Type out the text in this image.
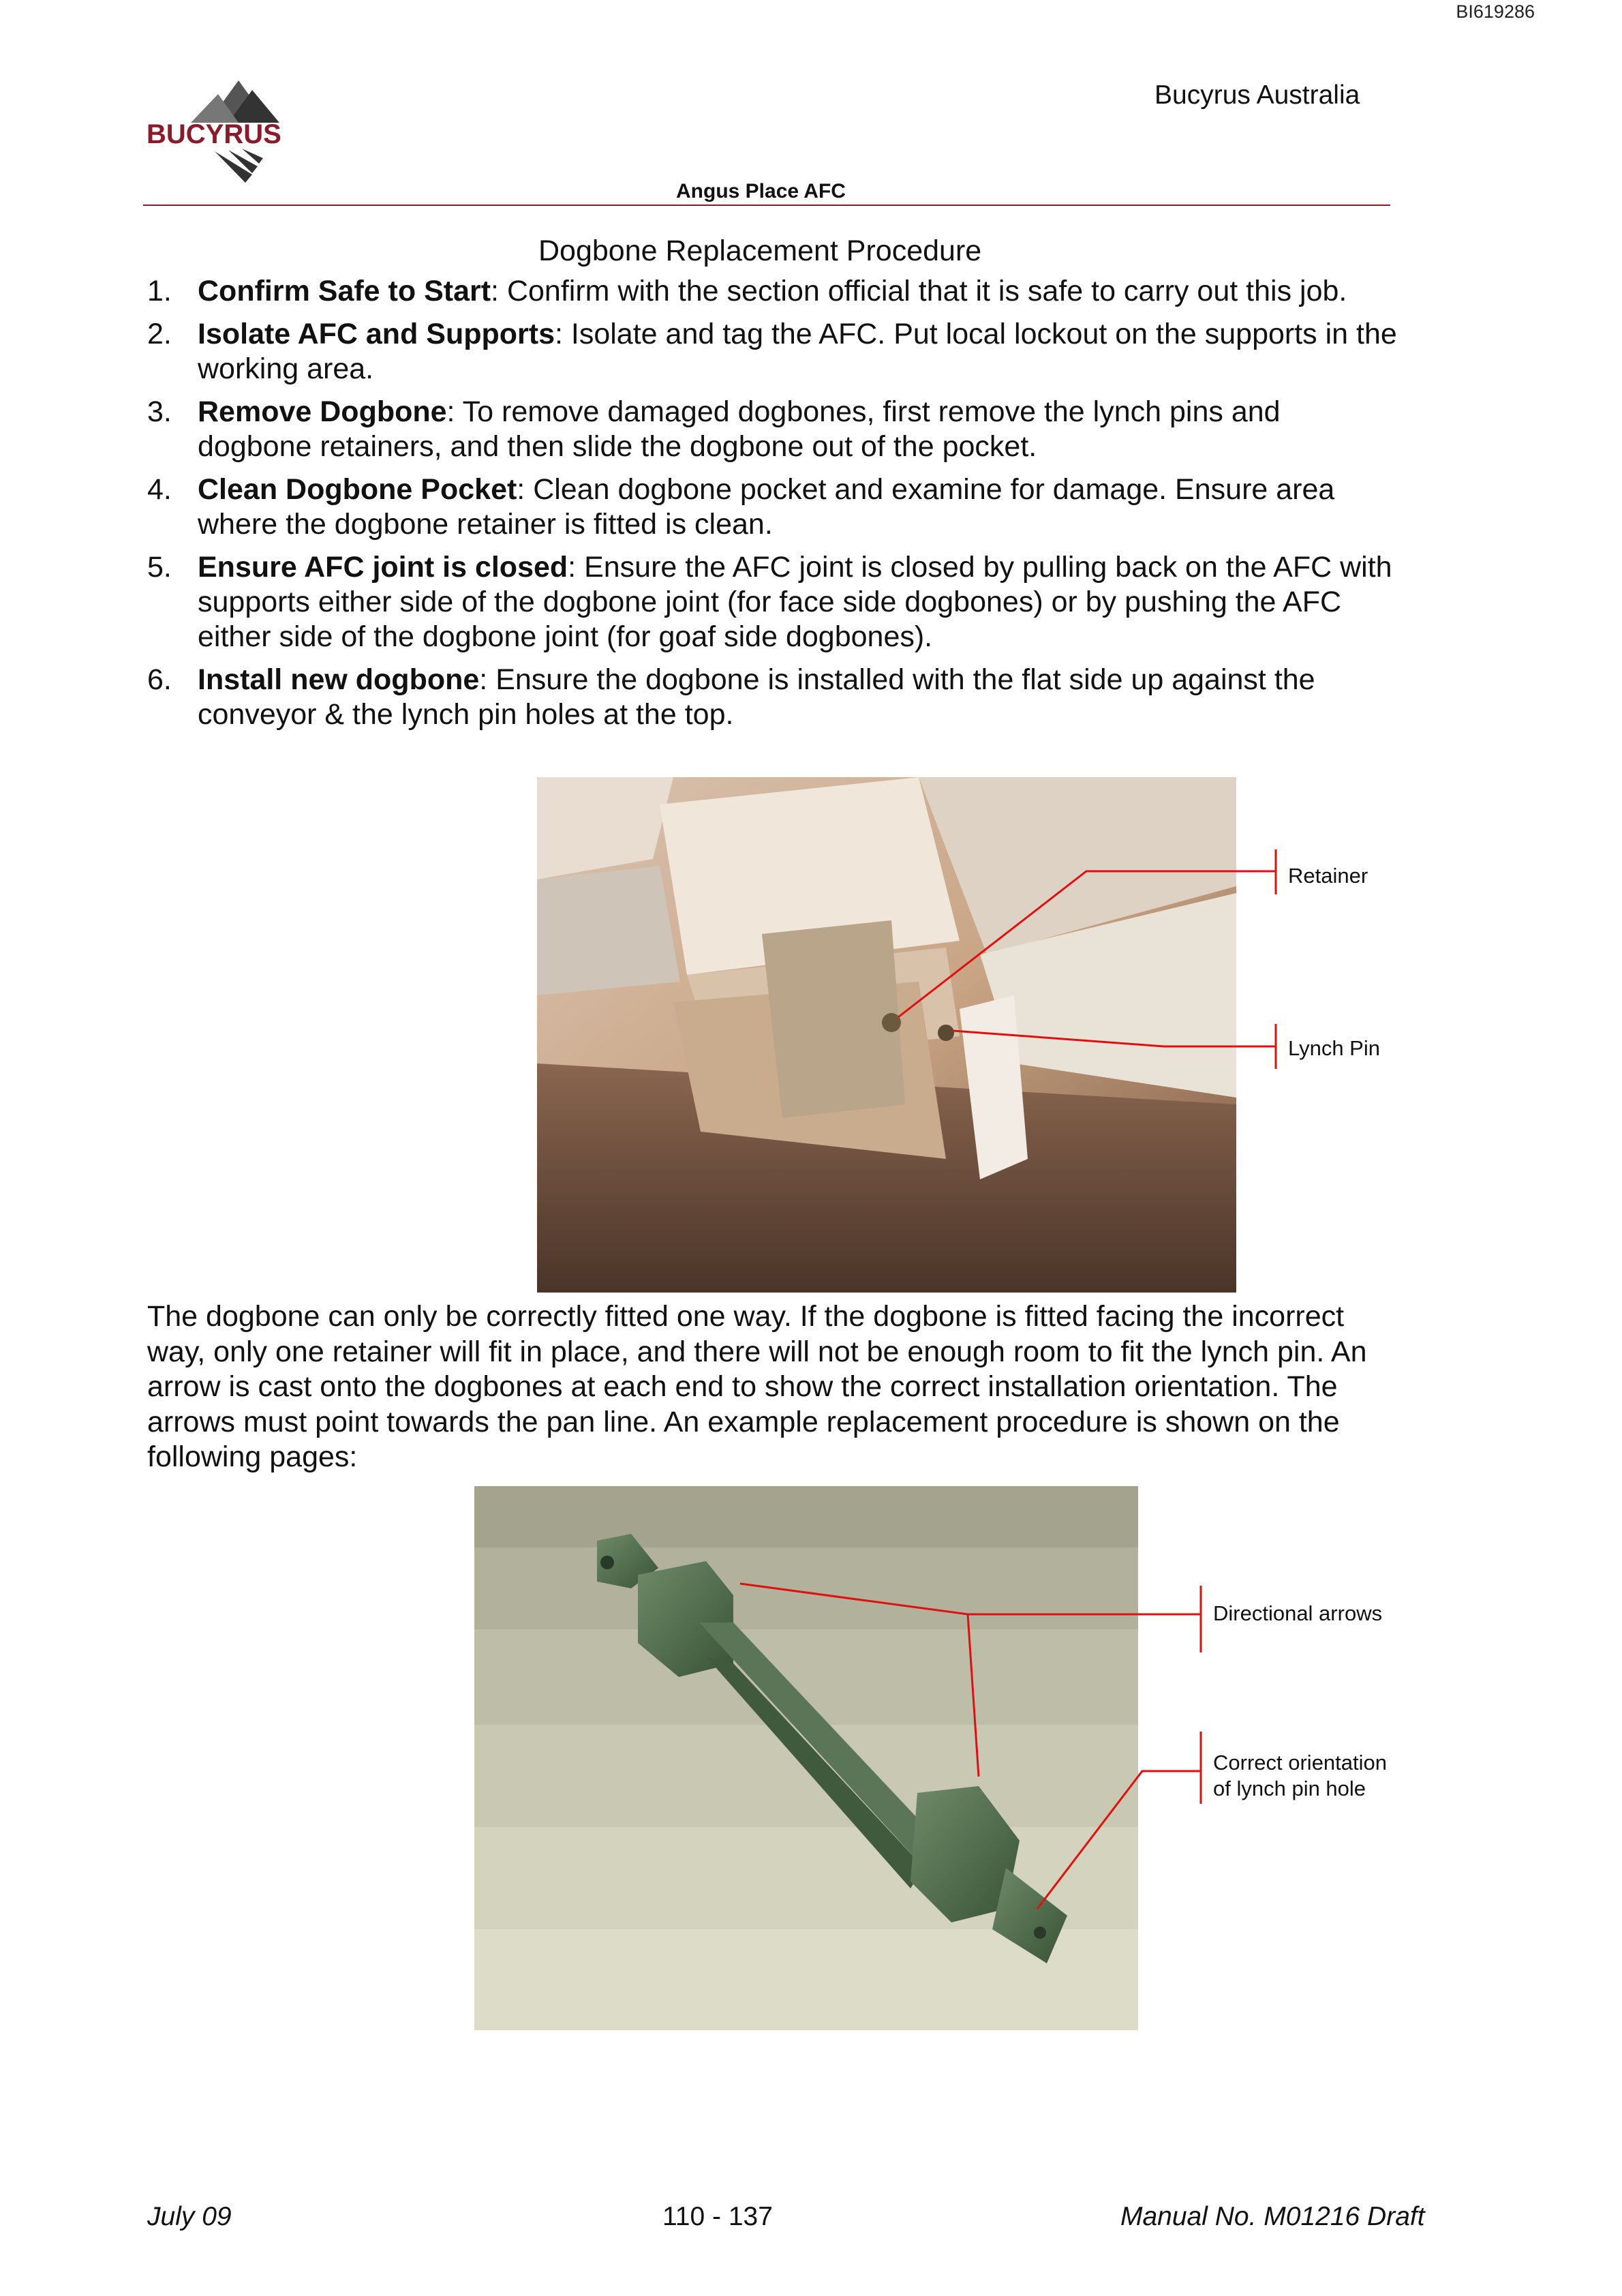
BI619286
BUCYRUS
Bucyrus Australia
Angus Place AFC
Dogbone Replacement Procedure
1. Confirm Safe to Start: Confirm with the section official that it is safe to carry out this job.
2. Isolate AFC and Supports: Isolate and tag the AFC. Put local lockout on the supports in the working area.
3. Remove Dogbone: To remove damaged dogbones, first remove the lynch pins and dogbone retainers, and then slide the dogbone out of the pocket.
4. Clean Dogbone Pocket: Clean dogbone pocket and examine for damage. Ensure area where the dogbone retainer is fitted is clean.
5. Ensure AFC joint is closed: Ensure the AFC joint is closed by pulling back on the AFC with supports either side of the dogbone joint (for face side dogbones) or by pushing the AFC either side of the dogbone joint (for goaf side dogbones).
6. Install new dogbone: Ensure the dogbone is installed with the flat side up against the conveyor & the lynch pin holes at the top.
Retainer
Lynch Pin
The dogbone can only be correctly fitted one way. If the dogbone is fitted facing the incorrect way, only one retainer will fit in place, and there will not be enough room to fit the lynch pin. An arrow is cast onto the dogbones at each end to show the correct installation orientation. The arrows must point towards the pan line. An example replacement procedure is shown on the following pages:
Directional arrows
Correct orientation
of lynch pin hole
July 09	110 - 137	Manual No. M01216 Draft
